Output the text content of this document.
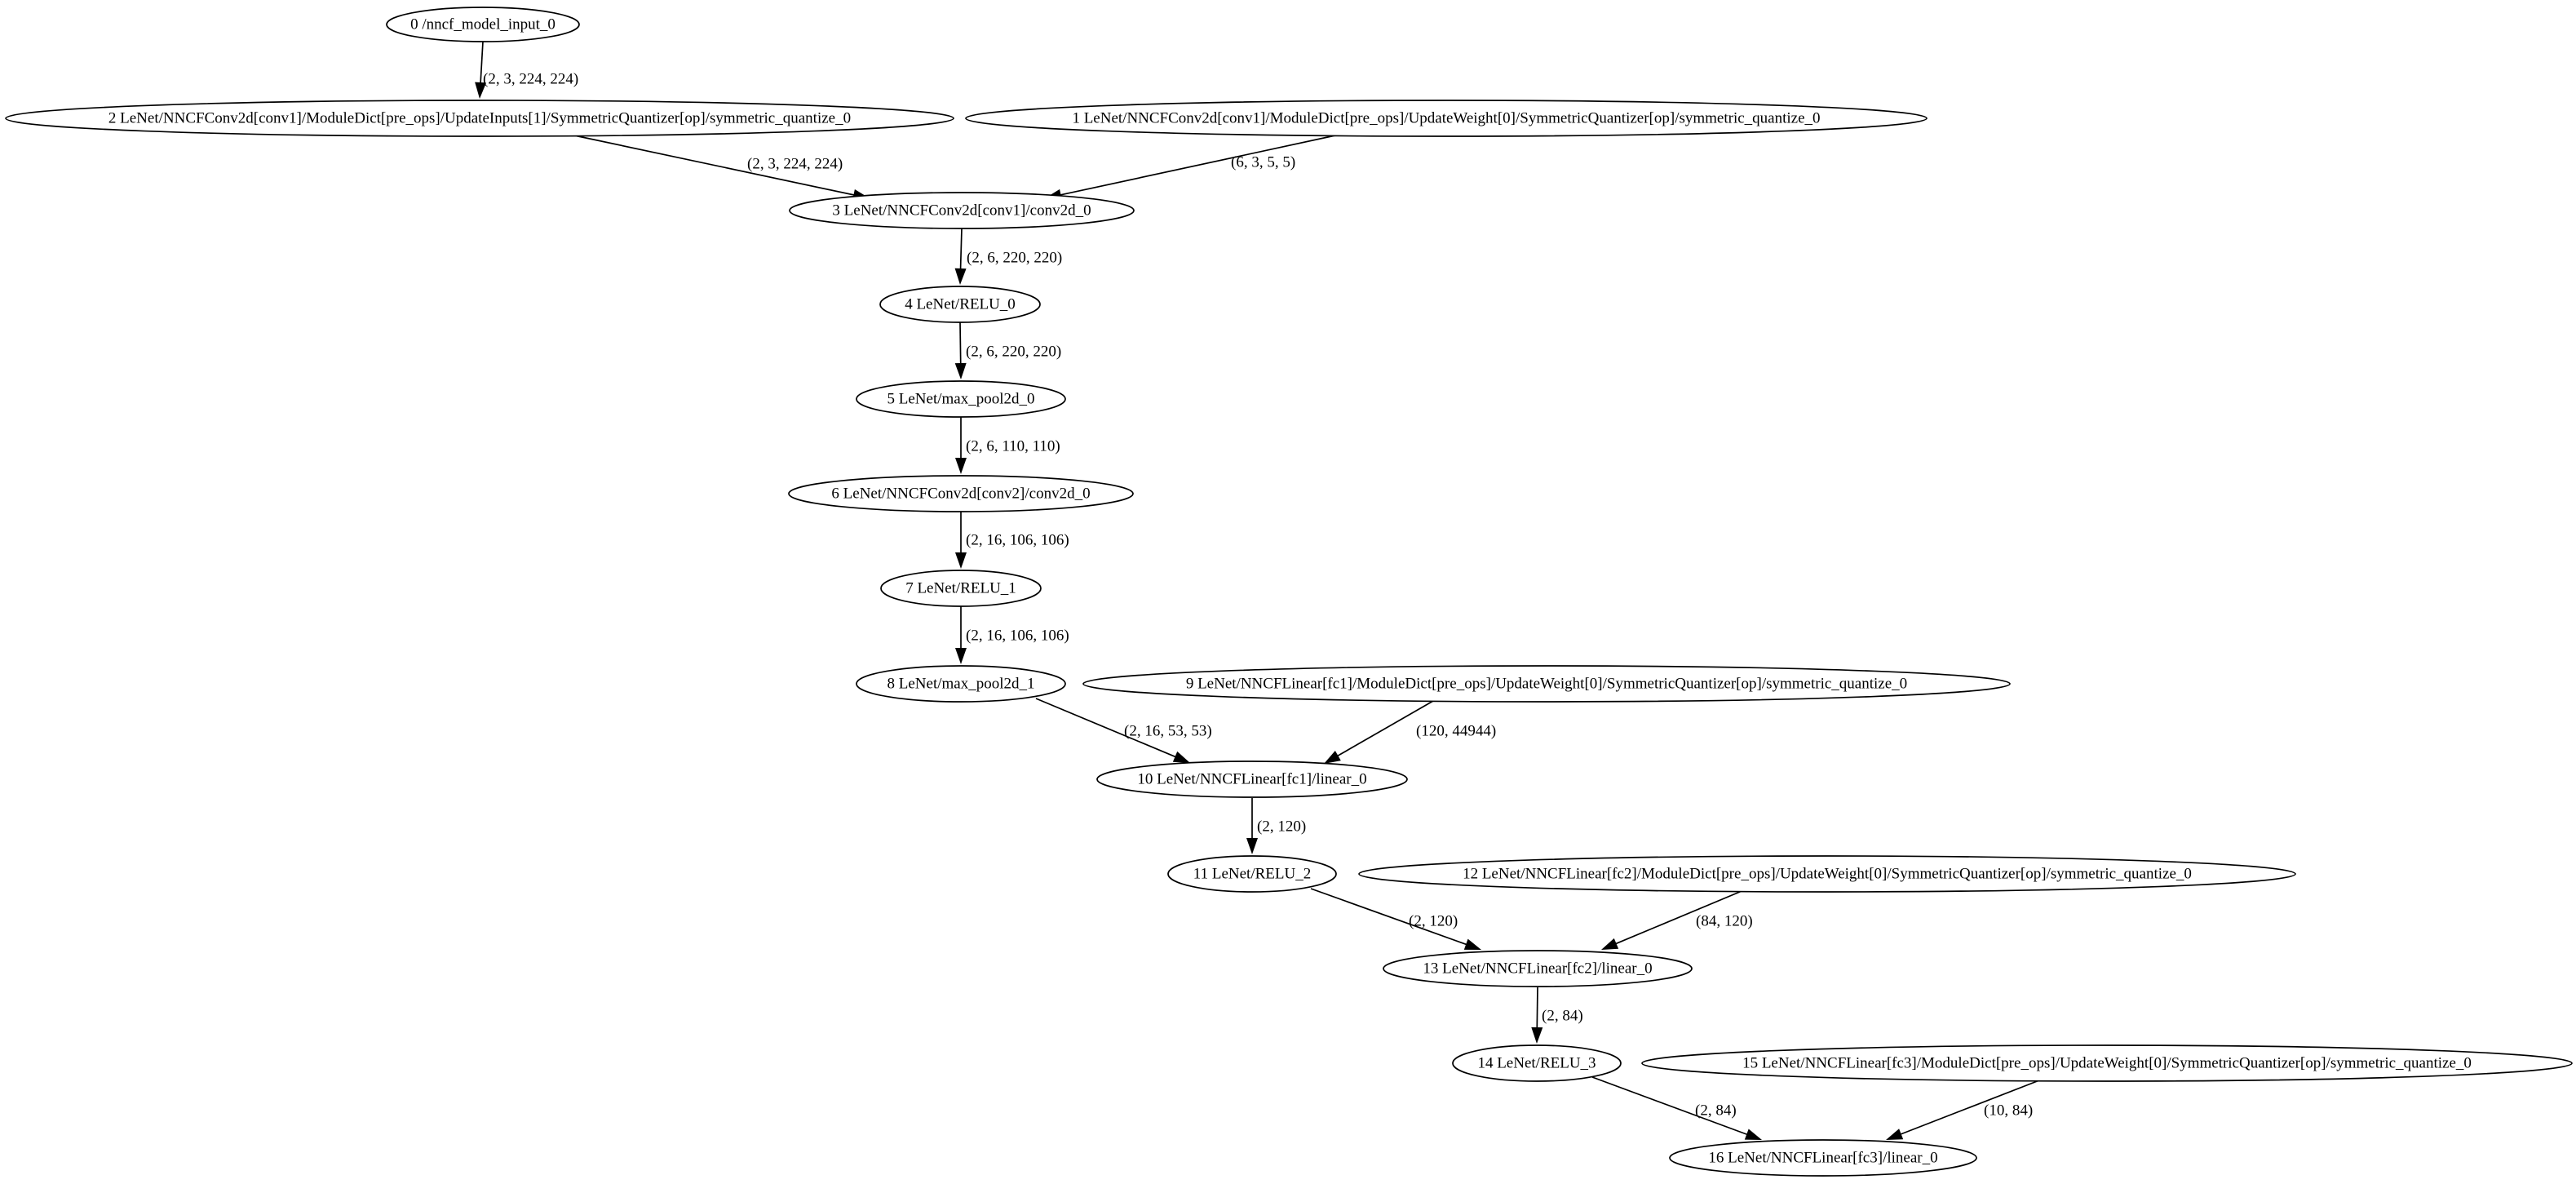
(2, 3, 224, 224)
(2, 3, 224, 224)	(6, 3, 5, 5)
(2, 6, 220, 220)
(2, 6, 220, 220)
(2, 6, 110, 110)
(2, 16, 106, 106)
(2, 16, 106, 106)
(2, 16, 53, 53)	(120, 44944)
(2, 120)
(2, 120)	(84, 120)
(2, 84)
(2, 84)	(10, 84)
0 /nncf_model_input_0
2 LeNet/NNCFConv2d[conv1]/ModuleDict[pre_ops]/UpdateInputs[1]/SymmetricQuantizer[op]/symmetric_quantize_0	1 LeNet/NNCFConv2d[conv1]/ModuleDict[pre_ops]/UpdateWeight[0]/SymmetricQuantizer[op]/symmetric_quantize_0
3 LeNet/NNCFConv2d[conv1]/conv2d_0
4 LeNet/RELU_0
5 LeNet/max_pool2d_0
6 LeNet/NNCFConv2d[conv2]/conv2d_0
7 LeNet/RELU_1
8 LeNet/max_pool2d_1	9 LeNet/NNCFLinear[fc1]/ModuleDict[pre_ops]/UpdateWeight[0]/SymmetricQuantizer[op]/symmetric_quantize_0
10 LeNet/NNCFLinear[fc1]/linear_0
11 LeNet/RELU_2	12 LeNet/NNCFLinear[fc2]/ModuleDict[pre_ops]/UpdateWeight[0]/SymmetricQuantizer[op]/symmetric_quantize_0
13 LeNet/NNCFLinear[fc2]/linear_0
14 LeNet/RELU_3	15 LeNet/NNCFLinear[fc3]/ModuleDict[pre_ops]/UpdateWeight[0]/SymmetricQuantizer[op]/symmetric_quantize_0
16 LeNet/NNCFLinear[fc3]/linear_0
